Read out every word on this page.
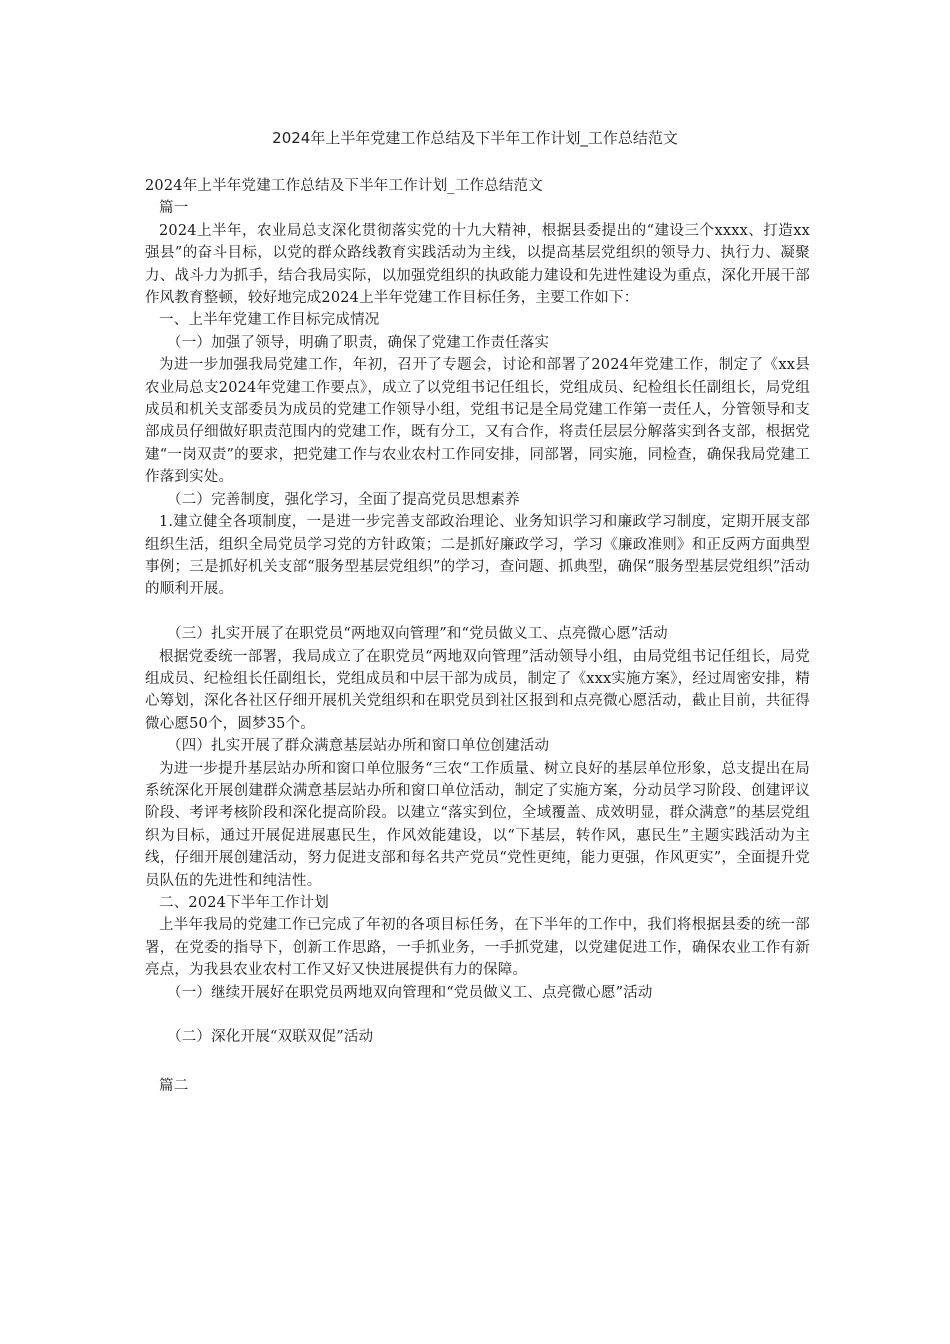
2024年上半年党建工作总结及下半年工作计划_工作总结范文

2024年上半年党建工作总结及下半年工作计划_工作总结范文

篇一

2024上半年，农业局总支深化贯彻落实党的十九大精神，根据县委提出的“建设三个xxxx、打造xx强县”的奋斗目标，以党的群众路线教育实践活动为主线，以提高基层党组织的领导力、执行力、凝聚力、战斗力为抓手，结合我局实际，以加强党组织的执政能力建设和先进性建设为重点，深化开展干部作风教育整顿，较好地完成2024上半年党建工作目标任务，主要工作如下：

一、上半年党建工作目标完成情况

（一）加强了领导，明确了职责，确保了党建工作责任落实

为进一步加强我局党建工作，年初，召开了专题会，讨论和部署了2024年党建工作，制定了《xx县农业局总支2024年党建工作要点》，成立了以党组书记任组长，党组成员、纪检组长任副组长，局党组成员和机关支部委员为成员的党建工作领导小组，党组书记是全局党建工作第一责任人，分管领导和支部成员仔细做好职责范围内的党建工作，既有分工，又有合作，将责任层层分解落实到各支部，根据党建“一岗双责”的要求，把党建工作与农业农村工作同安排，同部署，同实施，同检查，确保我局党建工作落到实处。

（二）完善制度，强化学习，全面了提高党员思想素养

1.建立健全各项制度，一是进一步完善支部政治理论、业务知识学习和廉政学习制度，定期开展支部组织生活，组织全局党员学习党的方针政策；二是抓好廉政学习，学习《廉政准则》和正反两方面典型事例；三是抓好机关支部“服务型基层党组织”的学习，查问题、抓典型，确保“服务型基层党组织”活动的顺利开展。

（三）扎实开展了在职党员“两地双向管理”和“党员做义工、点亮微心愿”活动

根据党委统一部署，我局成立了在职党员“两地双向管理”活动领导小组，由局党组书记任组长，局党组成员、纪检组长任副组长，党组成员和中层干部为成员，制定了《xxx实施方案》，经过周密安排，精心筹划，深化各社区仔细开展机关党组织和在职党员到社区报到和点亮微心愿活动，截止目前，共征得微心愿50个，圆梦35个。

（四）扎实开展了群众满意基层站办所和窗口单位创建活动

为进一步提升基层站办所和窗口单位服务“三农“工作质量、树立良好的基层单位形象，总支提出在局系统深化开展创建群众满意基层站办所和窗口单位活动，制定了实施方案，分动员学习阶段、创建评议阶段、考评考核阶段和深化提高阶段。以建立“落实到位，全域覆盖、成效明显，群众满意”的基层党组织为目标，通过开展促进展惠民生，作风效能建设，以“下基层，转作风，惠民生”主题实践活动为主线，仔细开展创建活动，努力促进支部和每名共产党员“党性更纯，能力更强，作风更实”，全面提升党员队伍的先进性和纯洁性。

二、2024下半年工作计划

上半年我局的党建工作已完成了年初的各项目标任务，在下半年的工作中，我们将根据县委的统一部署，在党委的指导下，创新工作思路，一手抓业务，一手抓党建，以党建促进工作，确保农业工作有新亮点，为我县农业农村工作又好又快进展提供有力的保障。

（一）继续开展好在职党员两地双向管理和“党员做义工、点亮微心愿”活动

（二）深化开展“双联双促”活动

篇二
